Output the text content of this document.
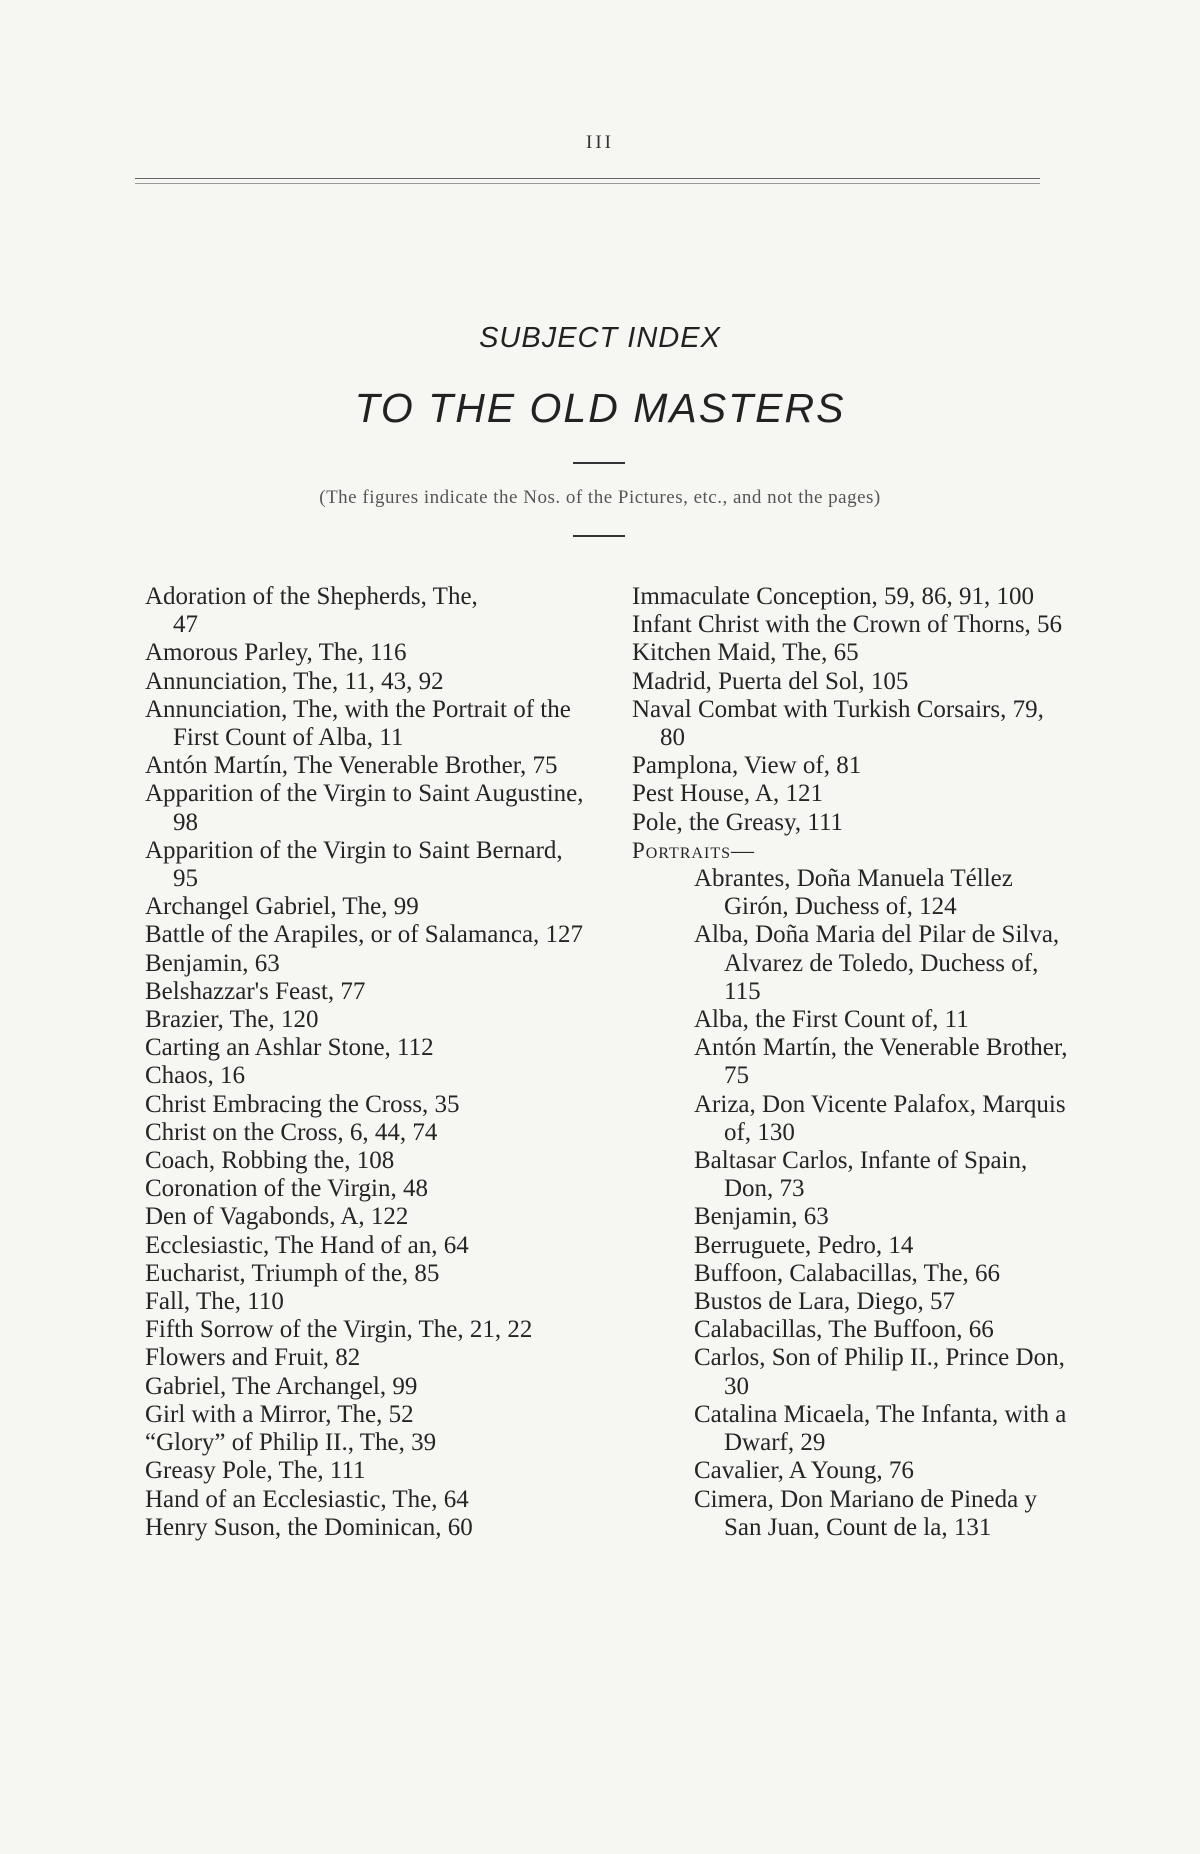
III
SUBJECT INDEX
TO THE OLD MASTERS
(The figures indicate the Nos. of the Pictures, etc., and not the pages)
Adoration of the Shepherds, The,
47
Amorous Parley, The, 116
Annunciation, The, 11, 43, 92
Annunciation, The, with the Portrait of the First Count of Alba, 11
Antón Martín, The Venerable Brother, 75
Apparition of the Virgin to Saint Augustine, 98
Apparition of the Virgin to Saint Bernard, 95
Archangel Gabriel, The, 99
Battle of the Arapiles, or of Salamanca, 127
Benjamin, 63
Belshazzar's Feast, 77
Brazier, The, 120
Carting an Ashlar Stone, 112
Chaos, 16
Christ Embracing the Cross, 35
Christ on the Cross, 6, 44, 74
Coach, Robbing the, 108
Coronation of the Virgin, 48
Den of Vagabonds, A, 122
Ecclesiastic, The Hand of an, 64
Eucharist, Triumph of the, 85
Fall, The, 110
Fifth Sorrow of the Virgin, The, 21, 22
Flowers and Fruit, 82
Gabriel, The Archangel, 99
Girl with a Mirror, The, 52
“Glory” of Philip II., The, 39
Greasy Pole, The, 111
Hand of an Ecclesiastic, The, 64
Henry Suson, the Dominican, 60
Immaculate Conception, 59, 86, 91, 100
Infant Christ with the Crown of Thorns, 56
Kitchen Maid, The, 65
Madrid, Puerta del Sol, 105
Naval Combat with Turkish Corsairs, 79, 80
Pamplona, View of, 81
Pest House, A, 121
Pole, the Greasy, 111
Portraits—
Abrantes, Doña Manuela Téllez Girón, Duchess of, 124
Alba, Doña Maria del Pilar de Silva, Alvarez de Toledo, Duchess of, 115
Alba, the First Count of, 11
Antón Martín, the Venerable Brother, 75
Ariza, Don Vicente Palafox, Marquis of, 130
Baltasar Carlos, Infante of Spain, Don, 73
Benjamin, 63
Berruguete, Pedro, 14
Buffoon, Calabacillas, The, 66
Bustos de Lara, Diego, 57
Calabacillas, The Buffoon, 66
Carlos, Son of Philip II., Prince Don, 30
Catalina Micaela, The Infanta, with a Dwarf, 29
Cavalier, A Young, 76
Cimera, Don Mariano de Pineda y San Juan, Count de la, 131
